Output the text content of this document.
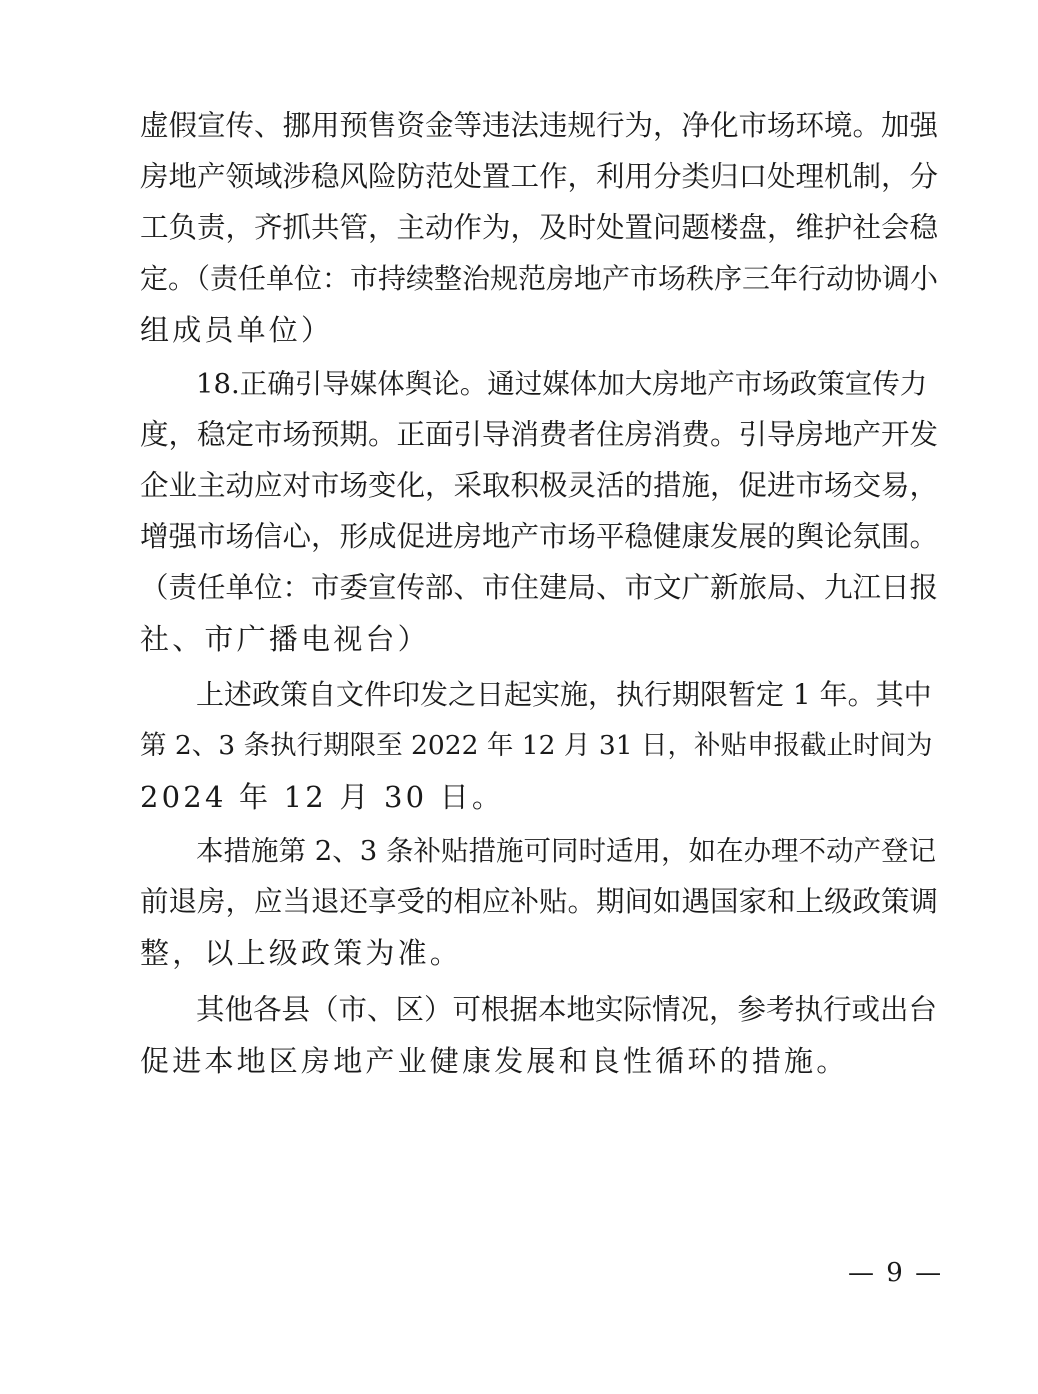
虚假宣传、挪用预售资金等违法违规行为，净化市场环境。加强
房地产领域涉稳风险防范处置工作，利用分类归口处理机制，分
工负责，齐抓共管，主动作为，及时处置问题楼盘，维护社会稳
定。（责任单位：市持续整治规范房地产市场秩序三年行动协调小
组成员单位）
18.正确引导媒体舆论。通过媒体加大房地产市场政策宣传力
度，稳定市场预期。正面引导消费者住房消费。引导房地产开发
企业主动应对市场变化，采取积极灵活的措施，促进市场交易，
增强市场信心，形成促进房地产市场平稳健康发展的舆论氛围。
（责任单位：市委宣传部、市住建局、市文广新旅局、九江日报
社、市广播电视台）
上述政策自文件印发之日起实施，执行期限暂定 1 年。其中
第 2、3 条执行期限至 2022 年 12 月 31 日，补贴申报截止时间为
2024 年 12 月 30 日。
本措施第 2、3 条补贴措施可同时适用，如在办理不动产登记
前退房，应当退还享受的相应补贴。期间如遇国家和上级政策调
整，以上级政策为准。
其他各县（市、区）可根据本地实际情况，参考执行或出台
促进本地区房地产业健康发展和良性循环的措施。
— 9 —
